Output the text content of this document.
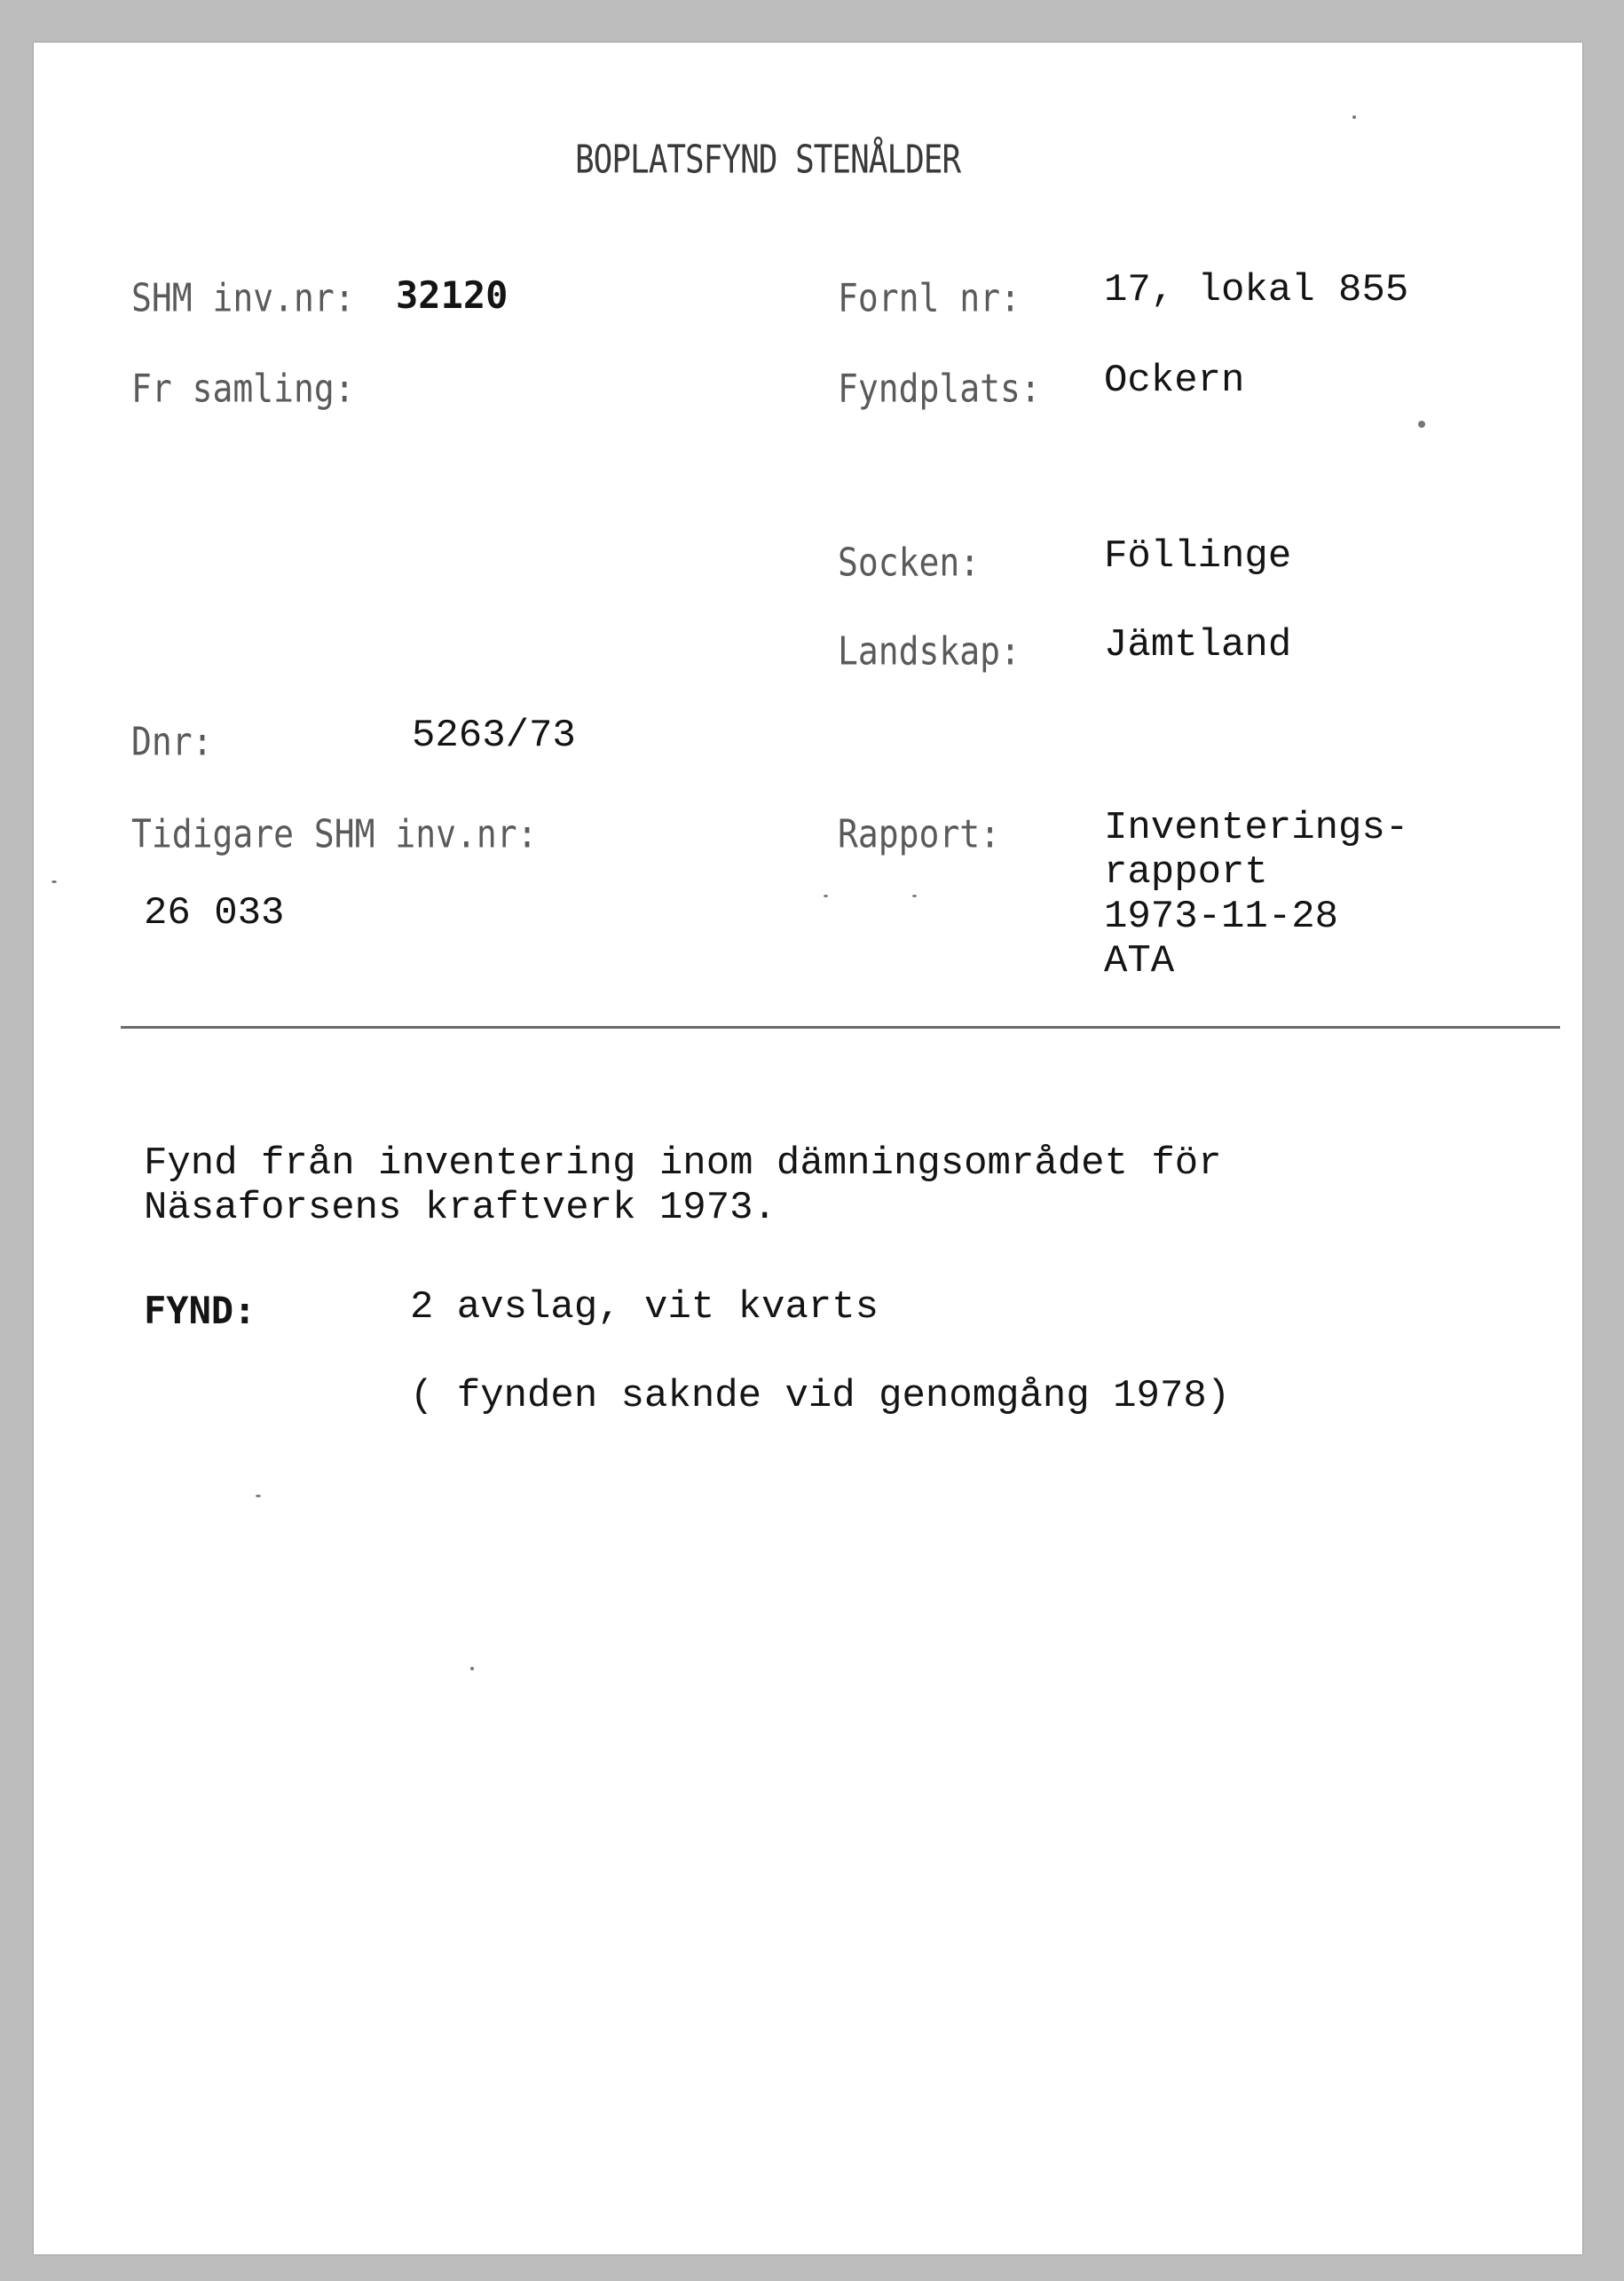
BOPLATSFYND STENÅLDER
SHM inv.nr: 32120
Fr samling:
Dnr:	5263/73
Tidigare SHM inv.nr:
26 033
Fornl nr: 17, lokal 855
Fyndplats: Ockern
Socken:	Föllinge
Landskap: Jämtland
Rapport:	Inventerings-
rapport
1973-11-28
ATA
Fynd från inventering inom dämningsområdet för
Näsaforsens kraftverk 1973.
FYND:	2 avslag, vit kvarts
( fynden saknde vid genomgång 1978)
